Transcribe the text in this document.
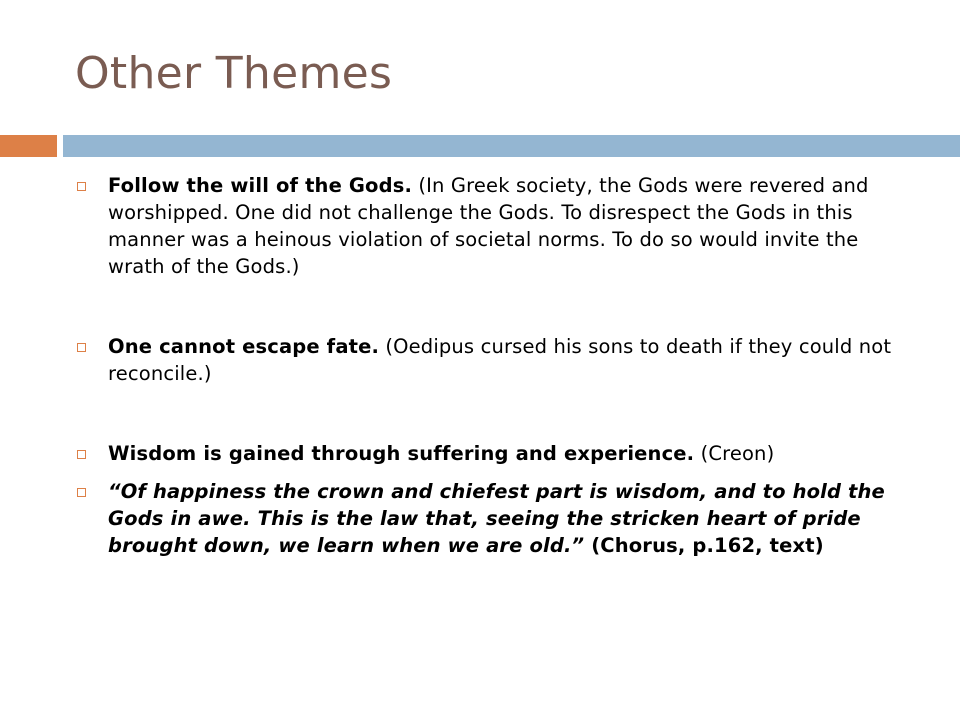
Other Themes
Follow the will of the Gods. (In Greek society, the Gods were revered and worshipped. One did not challenge the Gods. To disrespect the Gods in this manner was a heinous violation of societal norms. To do so would invite the wrath of the Gods.)
One cannot escape fate. (Oedipus cursed his sons to death if they could not reconcile.)
Wisdom is gained through suffering and experience. (Creon)
“Of happiness the crown and chiefest part is wisdom, and to hold the Gods in awe. This is the law that, seeing the stricken heart of pride brought down, we learn when we are old.” (Chorus, p.162, text)
